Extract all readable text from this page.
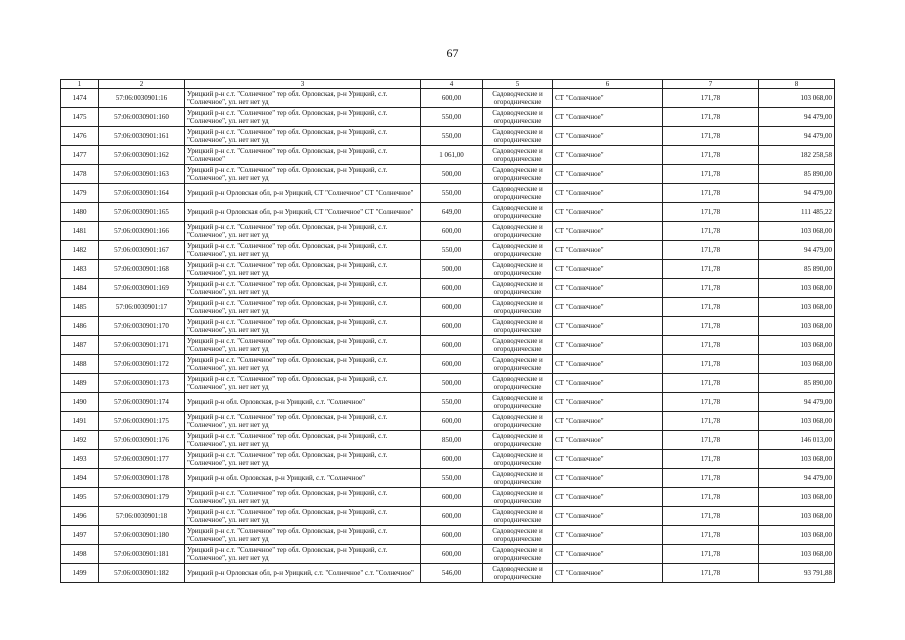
67
1	2	3	4	5	6	7	8
1474	57:06:0030901:16	Урицкий р-н с.т. "Солнечное" тер обл. Орловская, р-н Урицкий, с.т. "Солнечное", ул. нет нет уд	600,00	Садоводческие и огороднические	СТ "Солнечное"	171,78	103 068,00
1475	57:06:0030901:160	Урицкий р-н с.т. "Солнечное" тер обл. Орловская, р-н Урицкий, с.т. "Солнечное", ул. нет нет уд	550,00	Садоводческие и огороднические	СТ "Солнечное"	171,78	94 479,00
1476	57:06:0030901:161	Урицкий р-н с.т. "Солнечное" тер обл. Орловская, р-н Урицкий, с.т. "Солнечное", ул. нет нет уд	550,00	Садоводческие и огороднические	СТ "Солнечное"	171,78	94 479,00
1477	57:06:0030901:162	Урицкий р-н с.т. "Солнечное" тер обл. Орловская, р-н Урицкий, с.т. "Солнечное"	1 061,00	Садоводческие и огороднические	СТ "Солнечное"	171,78	182 258,58
1478	57:06:0030901:163	Урицкий р-н с.т. "Солнечное" тер обл. Орловская, р-н Урицкий, с.т. "Солнечное", ул. нет нет уд	500,00	Садоводческие и огороднические	СТ "Солнечное"	171,78	85 890,00
1479	57:06:0030901:164	Урицкий р-н Орловская обл, р-н Урицкий, СТ "Солнечное" СТ "Солнечное"	550,00	Садоводческие и огороднические	СТ "Солнечное"	171,78	94 479,00
1480	57:06:0030901:165	Урицкий р-н Орловская обл, р-н Урицкий, СТ "Солнечное" СТ "Солнечное"	649,00	Садоводческие и огороднические	СТ "Солнечное"	171,78	111 485,22
1481	57:06:0030901:166	Урицкий р-н с.т. "Солнечное" тер обл. Орловская, р-н Урицкий, с.т. "Солнечное", ул. нет нет уд	600,00	Садоводческие и огороднические	СТ "Солнечное"	171,78	103 068,00
1482	57:06:0030901:167	Урицкий р-н с.т. "Солнечное" тер обл. Орловская, р-н Урицкий, с.т. "Солнечное", ул. нет нет уд	550,00	Садоводческие и огороднические	СТ "Солнечное"	171,78	94 479,00
1483	57:06:0030901:168	Урицкий р-н с.т. "Солнечное" тер обл. Орловская, р-н Урицкий, с.т. "Солнечное", ул. нет нет уд	500,00	Садоводческие и огороднические	СТ "Солнечное"	171,78	85 890,00
1484	57:06:0030901:169	Урицкий р-н с.т. "Солнечное" тер обл. Орловская, р-н Урицкий, с.т. "Солнечное", ул. нет нет уд	600,00	Садоводческие и огороднические	СТ "Солнечное"	171,78	103 068,00
1485	57:06:0030901:17	Урицкий р-н с.т. "Солнечное" тер обл. Орловская, р-н Урицкий, с.т. "Солнечное", ул. нет нет уд	600,00	Садоводческие и огороднические	СТ "Солнечное"	171,78	103 068,00
1486	57:06:0030901:170	Урицкий р-н с.т. "Солнечное" тер обл. Орловская, р-н Урицкий, с.т. "Солнечное", ул. нет нет уд	600,00	Садоводческие и огороднические	СТ "Солнечное"	171,78	103 068,00
1487	57:06:0030901:171	Урицкий р-н с.т. "Солнечное" тер обл. Орловская, р-н Урицкий, с.т. "Солнечное", ул. нет нет уд	600,00	Садоводческие и огороднические	СТ "Солнечное"	171,78	103 068,00
1488	57:06:0030901:172	Урицкий р-н с.т. "Солнечное" тер обл. Орловская, р-н Урицкий, с.т. "Солнечное", ул. нет нет уд	600,00	Садоводческие и огороднические	СТ "Солнечное"	171,78	103 068,00
1489	57:06:0030901:173	Урицкий р-н с.т. "Солнечное" тер обл. Орловская, р-н Урицкий, с.т. "Солнечное", ул. нет нет уд	500,00	Садоводческие и огороднические	СТ "Солнечное"	171,78	85 890,00
1490	57:06:0030901:174	Урицкий р-н обл. Орловская, р-н Урицкий, с.т. "Солнечное"	550,00	Садоводческие и огороднические	СТ "Солнечное"	171,78	94 479,00
1491	57:06:0030901:175	Урицкий р-н с.т. "Солнечное" тер обл. Орловская, р-н Урицкий, с.т. "Солнечное", ул. нет нет уд	600,00	Садоводческие и огороднические	СТ "Солнечное"	171,78	103 068,00
1492	57:06:0030901:176	Урицкий р-н с.т. "Солнечное" тер обл. Орловская, р-н Урицкий, с.т. "Солнечное", ул. нет нет уд	850,00	Садоводческие и огороднические	СТ "Солнечное"	171,78	146 013,00
1493	57:06:0030901:177	Урицкий р-н с.т. "Солнечное" тер обл. Орловская, р-н Урицкий, с.т. "Солнечное", ул. нет нет уд	600,00	Садоводческие и огороднические	СТ "Солнечное"	171,78	103 068,00
1494	57:06:0030901:178	Урицкий р-н обл. Орловская, р-н Урицкий, с.т. "Солнечное"	550,00	Садоводческие и огороднические	СТ "Солнечное"	171,78	94 479,00
1495	57:06:0030901:179	Урицкий р-н с.т. "Солнечное" тер обл. Орловская, р-н Урицкий, с.т. "Солнечное", ул. нет нет уд	600,00	Садоводческие и огороднические	СТ "Солнечное"	171,78	103 068,00
1496	57:06:0030901:18	Урицкий р-н с.т. "Солнечное" тер обл. Орловская, р-н Урицкий, с.т. "Солнечное", ул. нет нет уд	600,00	Садоводческие и огороднические	СТ "Солнечное"	171,78	103 068,00
1497	57:06:0030901:180	Урицкий р-н с.т. "Солнечное" тер обл. Орловская, р-н Урицкий, с.т. "Солнечное", ул. нет нет уд	600,00	Садоводческие и огороднические	СТ "Солнечное"	171,78	103 068,00
1498	57:06:0030901:181	Урицкий р-н с.т. "Солнечное" тер обл. Орловская, р-н Урицкий, с.т. "Солнечное", ул. нет нет уд	600,00	Садоводческие и огороднические	СТ "Солнечное"	171,78	103 068,00
1499	57:06:0030901:182	Урицкий р-н Орловская обл, р-н Урицкий, с.т. "Солнечное" с.т. "Солнечное"	546,00	Садоводческие и огороднические	СТ "Солнечное"	171,78	93 791,88
